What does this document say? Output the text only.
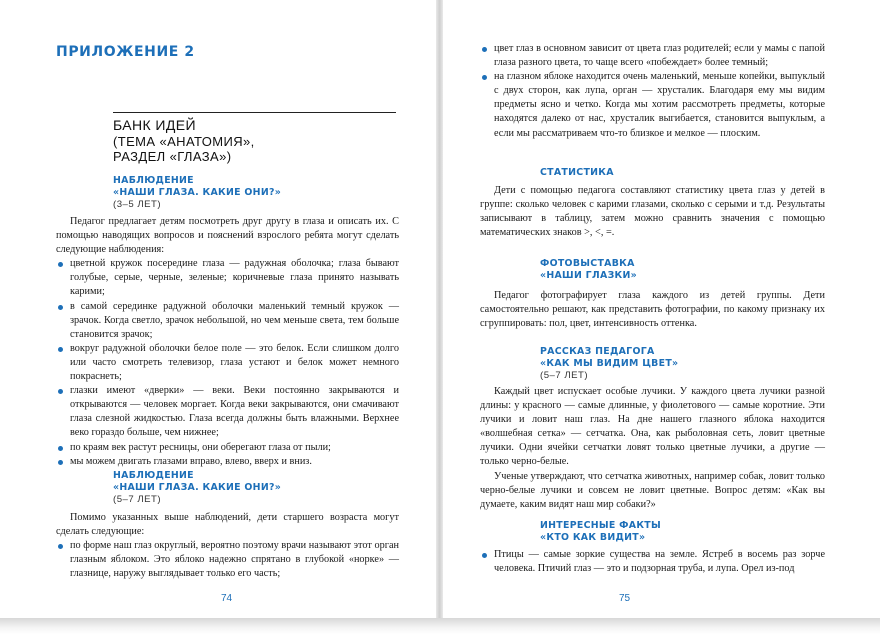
ПРИЛОЖЕНИЕ 2
БАНК ИДЕЙ
(ТЕМА «АНАТОМИЯ»,
РАЗДЕЛ «ГЛАЗА»)
НАБЛЮДЕНИЕ
«НАШИ ГЛАЗА. КАКИЕ ОНИ?»
(3–5 ЛЕТ)

Педагог предлагает детям посмотреть друг другу в глаза и описать их. С помощью наводящих вопросов и пояснений взрослого ребята могут сделать следующие наблюдения:

цветной кружок посередине глаза — радужная оболочка; глаза бывают голубые, серые, черные, зеленые; коричневые глаза принято называть карими;
в самой серединке радужной оболочки маленький темный кружок — зрачок. Когда светло, зрачок небольшой, но чем меньше света, тем больше становится зрачок;
вокруг радужной оболочки белое поле — это белок. Если слишком долго или часто смотреть телевизор, глаза устают и белок может немного покраснеть;
глазки имеют «дверки» — веки. Веки постоянно закрываются и открываются — человек моргает. Когда веки закрываются, они смачивают глаза слезной жидкостью. Глаза всегда должны быть влажными. Верхнее веко гораздо больше, чем нижнее;
по краям век растут ресницы, они оберегают глаза от пыли;
мы можем двигать глазами вправо, влево, вверх и вниз.
НАБЛЮДЕНИЕ
«НАШИ ГЛАЗА. КАКИЕ ОНИ?»
(5–7 ЛЕТ)

Помимо указанных выше наблюдений, дети старшего возраста могут сделать следующие:

по форме наш глаз округлый, вероятно поэтому врачи называют этот орган глазным яблоком. Это яблоко надежно спрятано в глубокой «норке» — глазнице, наружу выглядывает только его часть;
74
цвет глаз в основном зависит от цвета глаз родителей; если у мамы с папой глаза разного цвета, то чаще всего «побеждает» более темный;
на глазном яблоке находится очень маленький, меньше копейки, выпуклый с двух сторон, как лупа, орган — хрусталик. Благодаря ему мы видим предметы ясно и четко. Когда мы хотим рассмотреть предметы, которые находятся далеко от нас, хрусталик выгибается, становится выпуклым, а если мы рассматриваем что-то близкое и мелкое — плоским.
СТАТИСТИКА

Дети с помощью педагога составляют статистику цвета глаз у детей в группе: сколько человек с карими глазами, сколько с серыми и т.д. Результаты записывают в таблицу, затем можно сравнить значения с помощью математических знаков >, <, =.

ФОТОВЫСТАВКА
«НАШИ ГЛАЗКИ»

Педагог фотографирует глаза каждого из детей группы. Дети самостоятельно решают, как представить фотографии, по какому признаку их сгруппировать: пол, цвет, интенсивность оттенка.

РАССКАЗ ПЕДАГОГА
«КАК МЫ ВИДИМ ЦВЕТ»
(5–7 ЛЕТ)

Каждый цвет испускает особые лучики. У каждого цвета лучики разной длины: у красного — самые длинные, у фиолетового — самые коротние. Эти лучики и ловит наш глаз. На дне нашего глазного яблока находится «волшебная сетка» — сетчатка. Она, как рыболовная сеть, ловит цветные лучики. Одни ячейки сетчатки ловят только цветные лучики, а другие — только черно-белые.

Ученые утверждают, что сетчатка животных, например собак, ловит только черно-белые лучики и совсем не ловит цветные. Вопрос детям: «Как вы думаете, каким видят наш мир собаки?»

ИНТЕРЕСНЫЕ ФАКТЫ
«КТО КАК ВИДИТ»
Птицы — самые зоркие существа на земле. Ястреб в восемь раз зорче человека. Птичий глаз — это и подзорная труба, и лупа. Орел из-под
75
